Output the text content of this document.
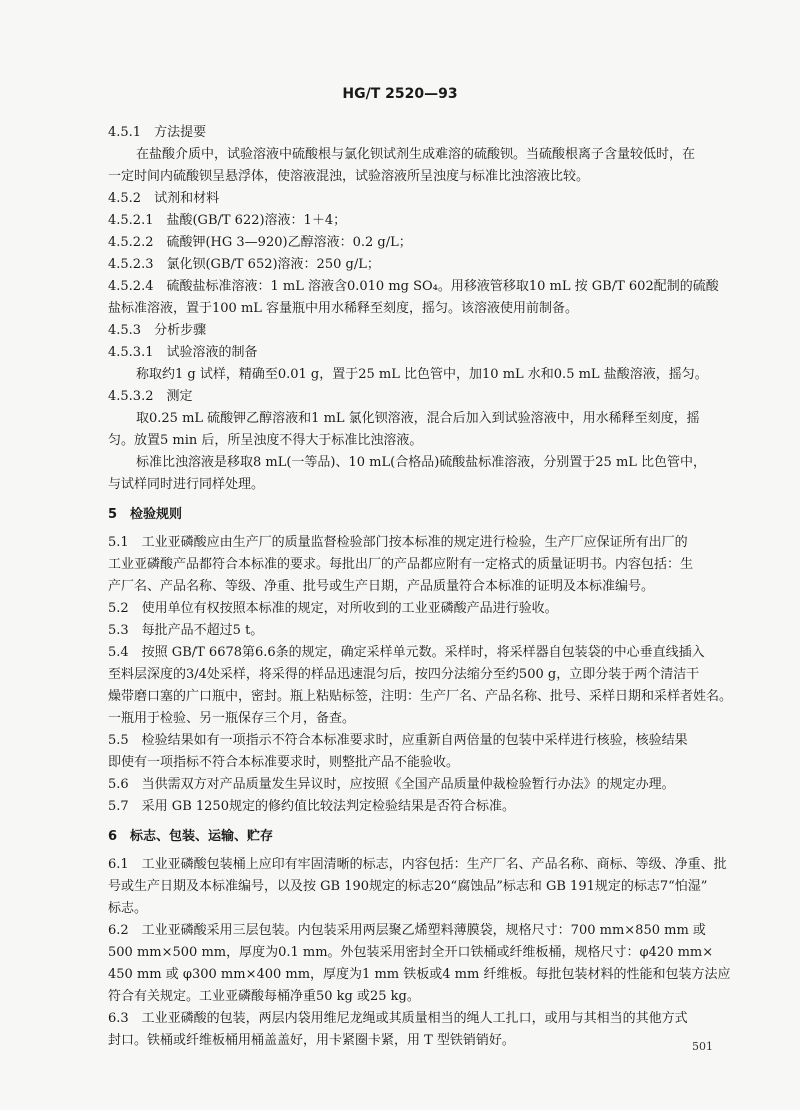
HG/T 2520—93
4.5.1　方法提要
在盐酸介质中，试验溶液中硫酸根与氯化钡试剂生成难溶的硫酸钡。当硫酸根离子含量较低时，在
一定时间内硫酸钡呈悬浮体，使溶液混浊，试验溶液所呈浊度与标准比浊溶液比较。
4.5.2　试剂和材料
4.5.2.1　盐酸(GB/T 622)溶液：1＋4；
4.5.2.2　硫酸钾(HG 3—920)乙醇溶液：0.2 g/L；
4.5.2.3　氯化钡(GB/T 652)溶液：250 g/L；
4.5.2.4　硫酸盐标准溶液：1 mL 溶液含0.010 mg SO₄。用移液管移取10 mL 按 GB/T 602配制的硫酸
盐标准溶液，置于100 mL 容量瓶中用水稀释至刻度，摇匀。该溶液使用前制备。
4.5.3　分析步骤
4.5.3.1　试验溶液的制备
称取约1 g 试样，精确至0.01 g，置于25 mL 比色管中，加10 mL 水和0.5 mL 盐酸溶液，摇匀。
4.5.3.2　测定
取0.25 mL 硫酸钾乙醇溶液和1 mL 氯化钡溶液，混合后加入到试验溶液中，用水稀释至刻度，摇
匀。放置5 min 后，所呈浊度不得大于标准比浊溶液。
标准比浊溶液是移取8 mL(一等品)、10 mL(合格品)硫酸盐标准溶液，分别置于25 mL 比色管中，
与试样同时进行同样处理。
5　检验规则
5.1　工业亚磷酸应由生产厂的质量监督检验部门按本标准的规定进行检验，生产厂应保证所有出厂的
工业亚磷酸产品都符合本标准的要求。每批出厂的产品都应附有一定格式的质量证明书。内容包括：生
产厂名、产品名称、等级、净重、批号或生产日期，产品质量符合本标准的证明及本标准编号。
5.2　使用单位有权按照本标准的规定，对所收到的工业亚磷酸产品进行验收。
5.3　每批产品不超过5 t。
5.4　按照 GB/T 6678第6.6条的规定，确定采样单元数。采样时，将采样器自包装袋的中心垂直线插入
至料层深度的3/4处采样，将采得的样品迅速混匀后，按四分法缩分至约500 g，立即分装于两个清洁干
燥带磨口塞的广口瓶中，密封。瓶上粘贴标签，注明：生产厂名、产品名称、批号、采样日期和采样者姓名。
一瓶用于检验、另一瓶保存三个月，备查。
5.5　检验结果如有一项指示不符合本标准要求时，应重新自两倍量的包装中采样进行核验，核验结果
即使有一项指标不符合本标准要求时，则整批产品不能验收。
5.6　当供需双方对产品质量发生异议时，应按照《全国产品质量仲裁检验暂行办法》的规定办理。
5.7　采用 GB 1250规定的修约值比较法判定检验结果是否符合标准。
6　标志、包装、运输、贮存
6.1　工业亚磷酸包装桶上应印有牢固清晰的标志，内容包括：生产厂名、产品名称、商标、等级、净重、批
号或生产日期及本标准编号，以及按 GB 190规定的标志20“腐蚀品”标志和 GB 191规定的标志7“怕湿”
标志。
6.2　工业亚磷酸采用三层包装。内包装采用两层聚乙烯塑料薄膜袋，规格尺寸：700 mm×850 mm 或
500 mm×500 mm，厚度为0.1 mm。外包装采用密封全开口铁桶或纤维板桶，规格尺寸：φ420 mm×
450 mm 或 φ300 mm×400 mm，厚度为1 mm 铁板或4 mm 纤维板。每批包装材料的性能和包装方法应
符合有关规定。工业亚磷酸每桶净重50 kg 或25 kg。
6.3　工业亚磷酸的包装，两层内袋用维尼龙绳或其质量相当的绳人工扎口，或用与其相当的其他方式
封口。铁桶或纤维板桶用桶盖盖好，用卡紧圈卡紧，用 T 型铁销销好。	501
